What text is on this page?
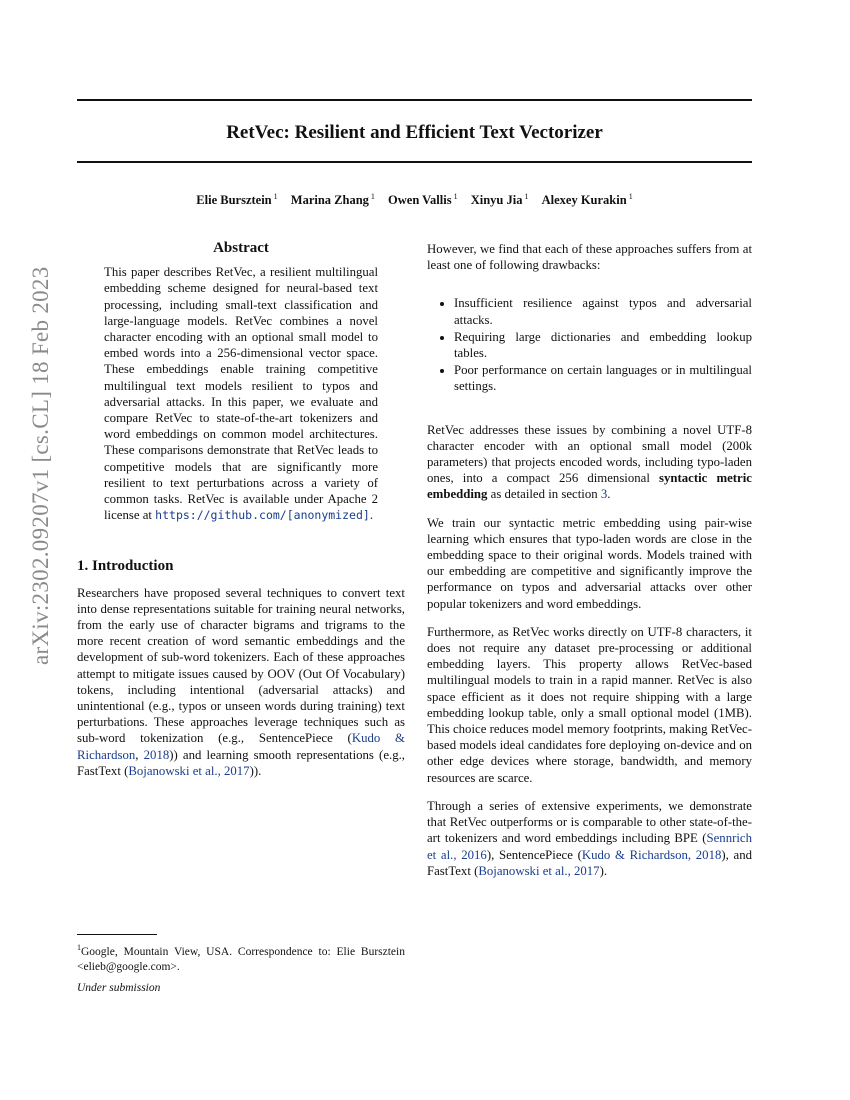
RetVec: Resilient and Efficient Text Vectorizer
Elie Bursztein $^1$ Marina Zhang $^1$ Owen Vallis $^1$ Xinyu Jia $^1$ Alexey Kurakin $^1$
arXiv:2302.09207v1 [cs.CL] 18 Feb 2023
Abstract

This paper describes RetVec, a resilient multilingual embedding scheme designed for neural-based text processing, including small-text classification and large-language models. RetVec combines a novel character encoding with an optional small model to embed words into a 256-dimensional vector space. These embeddings enable training competitive multilingual text models resilient to typos and adversarial attacks. In this paper, we evaluate and compare RetVec to state-of-the-art tokenizers and word embeddings on common model architectures. These comparisons demonstrate that RetVec leads to competitive models that are significantly more resilient to text perturbations across a variety of common tasks. RetVec is available under Apache 2 license at https://github.com/[anonymized].

1. Introduction

Researchers have proposed several techniques to convert text into dense representations suitable for training neural networks, from the early use of character bigrams and trigrams to the more recent creation of word semantic embeddings and the development of sub-word tokenizers. Each of these approaches attempt to mitigate issues caused by OOV (Out Of Vocabulary) tokens, including intentional (adversarial attacks) and unintentional (e.g., typos or unseen words during training) text perturbations. These approaches leverage techniques such as sub-word tokenization (e.g., SentencePiece (Kudo & Richardson, 2018)) and learning smooth representations (e.g., FastText (Bojanowski et al., 2017)).

However, we find that each of these approaches suffers from at least one of following drawbacks:

• Insufficient resilience against typos and adversarial attacks.
• Requiring large dictionaries and embedding lookup tables.
• Poor performance on certain languages or in multilingual settings.

RetVec addresses these issues by combining a novel UTF-8 character encoder with an optional small model (200k parameters) that projects encoded words, including typo-laden ones, into a compact 256 dimensional syntactic metric embedding as detailed in section 3.

We train our syntactic metric embedding using pair-wise learning which ensures that typo-laden words are close in the embedding space to their original words. Models trained with our embedding are competitive and significantly improve the performance on typos and adversarial attacks over other popular tokenizers and word embeddings.

Furthermore, as RetVec works directly on UTF-8 characters, it does not require any dataset pre-processing or additional embedding layers. This property allows RetVec-based multilingual models to train in a rapid manner. RetVec is also space efficient as it does not require shipping with a large embedding lookup table, only a small optional model (1MB). This choice reduces model memory footprints, making RetVec-based models ideal candidates fore deploying on-device and on other edge devices where storage, bandwidth, and memory resources are scarce.

Through a series of extensive experiments, we demonstrate that RetVec outperforms or is comparable to other state-of-the-art tokenizers and word embeddings including BPE (Sennrich et al., 2016), SentencePiece (Kudo & Richardson, 2018), and FastText (Bojanowski et al., 2017).

$^1$Google, Mountain View, USA. Correspondence to: Elie Bursztein <elieb@google.com>.
Under submission
